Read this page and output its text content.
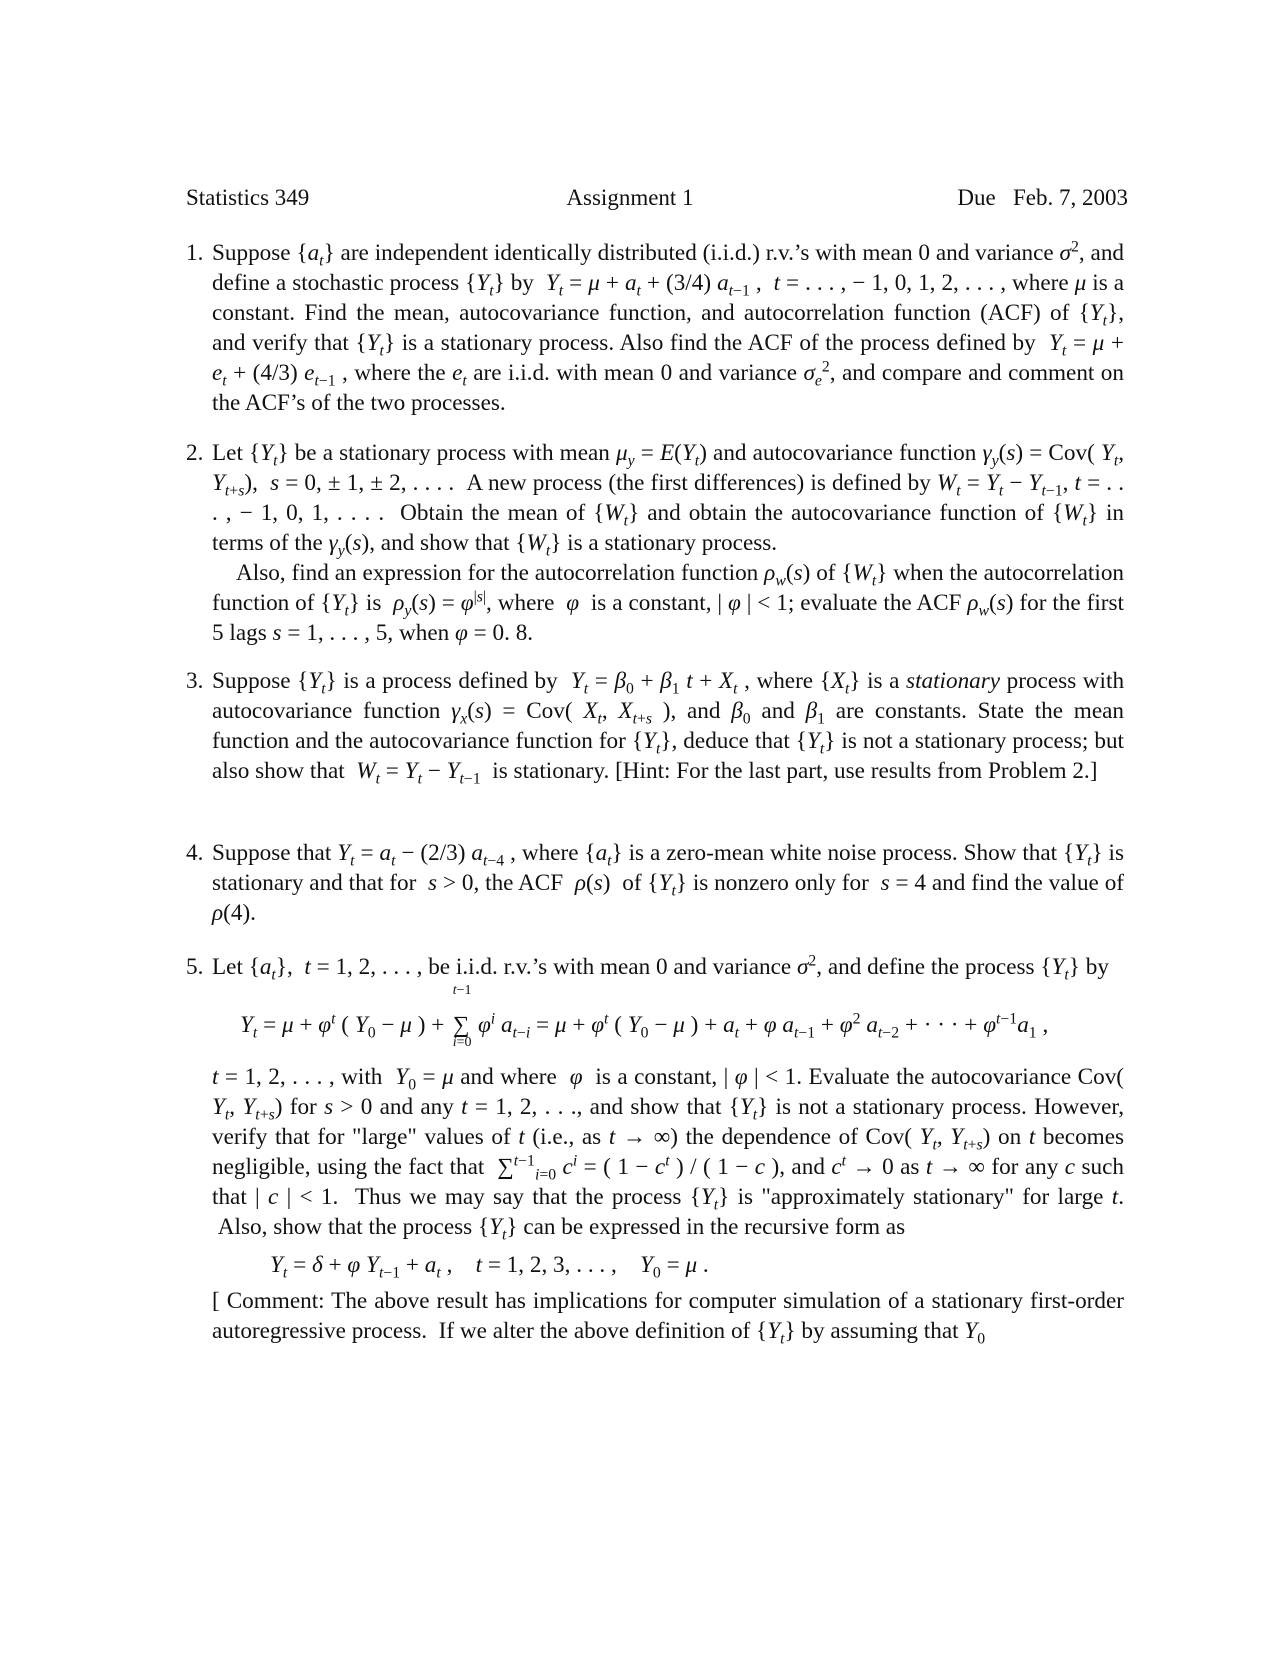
Statistics 349	Assignment 1	Due Feb. 7, 2003
1. Suppose $\{a_t\}$ are independent identically distributed (i.i.d.) r.v.’s with mean 0 and variance $\sigma^2$, and define a stochastic process $\{Y_t\}$ by  $Y_t = \mu + a_t + (3/4)$ $a_{t-1}$ ,  t = . . . , − 1, 0, 1, 2, . . . , where μ is a constant. Find the mean, autocovariance function, and autocorrelation function (ACF) of $\{Y_t\}$, and verify that $\{Y_t\}$ is a stationary process. Also find the ACF of the process defined by  $Y_t = \mu + e_t + (4/3)$ $e_{t-1}$ , where the $e_t$ are i.i.d. with mean 0 and variance $\sigma_e^2$, and compare and comment on the ACF’s of the two processes.

2. Let $\{Y_t\}$ be a stationary process with mean $\mu_y = E(Y_t)$ and autocovariance function $\gamma_y(s) = Cov$( $Y_t$, $Y_{t+s}$),  s = 0, ± 1, ± 2, . . . .  A new process (the first differences) is defined by $W_t = Y_t - Y_{t-1}$, t = . . . , − 1, 0, 1, . . . .  Obtain the mean of $\{W_t\}$ and obtain the autocovariance function of $\{W_t\}$ in terms of the $\gamma_y(s)$, and show that $\{W_t\}$ is a stationary process.

Also, find an expression for the autocorrelation function $\rho_w(s)$ of $\{W_t\}$ when the autocorrelation function of $\{Y_t\}$ is  $\rho_y(s) = \varphi^{|s|}$, where  φ  is a constant, | φ | < 1; evaluate the ACF $\rho_w(s)$ for the first 5 lags s = 1, . . . , 5, when φ = 0. 8.

3. Suppose $\{Y_t\}$ is a process defined by  $Y_t = \beta_0 + \beta_1$ $t + X_t$ , where $\{X_t\}$ is a stationary process with autocovariance function $\gamma_x(s) = Cov$( $X_t$, $X_{t+s}$ ), and $\beta_0$ and $\beta_1$ are constants. State the mean function and the autocovariance function for $\{Y_t\}$, deduce that $\{Y_t\}$ is not a stationary process; but also show that  $W_t = Y_t - Y_{t-1}$  is stationary. [Hint: For the last part, use results from Problem 2.]

4. Suppose that $Y_t = a_t - (2/3)$ $a_{t-4}$ , where $\{a_t\}$ is a zero-mean white noise process. Show that $\{Y_t\}$ is stationary and that for  s > 0, the ACF  ρ(s)  of $\{Y_t\}$ is nonzero only for  s = 4 and find the value of ρ(4).

5. Let $\{a_t\}$,  t = 1, 2, . . . , be i.i.d. r.v.’s with mean 0 and variance $\sigma^2$, and define the process $\{Y_t\}$ by

$Y_t = \mu + \varphi^t$ ( $Y_0 - \mu$ ) +
t−1
∑
i=0
$\varphi^i$ $a_{t-i} = \mu + \varphi^t$ ( $Y_0 - \mu$ ) + $a_t + \varphi$ $a_{t-1} + \varphi^2$ $a_{t-2}$ + · · · + $\varphi^{t-1}a_1$ ,

t = 1, 2, . . . , with  $Y_0 = \mu$ and where  φ  is a constant, | φ | < 1. Evaluate the autocovariance Cov( $Y_t$, $Y_{t+s}$) for s > 0 and any t = 1, 2, . . ., and show that $\{Y_t\}$ is not a stationary process. However, verify that for "large" values of t (i.e., as t → ∞) the dependence of Cov( $Y_t$, $Y_{t+s}$) on t becomes negligible, using the fact that  ∑$^{t-1}_{i=0}$ $c^i$ = ( $1 - c^t$ ) / ( 1 − c ), and $c^t \to 0$ as t → ∞ for any c such that | c | < 1.  Thus we may say that the process $\{Y_t\}$ is "approximately stationary" for large t.  Also, show that the process $\{Y_t\}$ can be expressed in the recursive form as

$Y_t = \delta + \varphi$ $Y_{t-1} + a_t$ ,    t = 1, 2, 3, . . . ,    $Y_0 = \mu$ .

[ Comment: The above result has implications for computer simulation of a stationary first-order autoregressive process.  If we alter the above definition of $\{Y_t\}$ by assuming that $Y_0$
